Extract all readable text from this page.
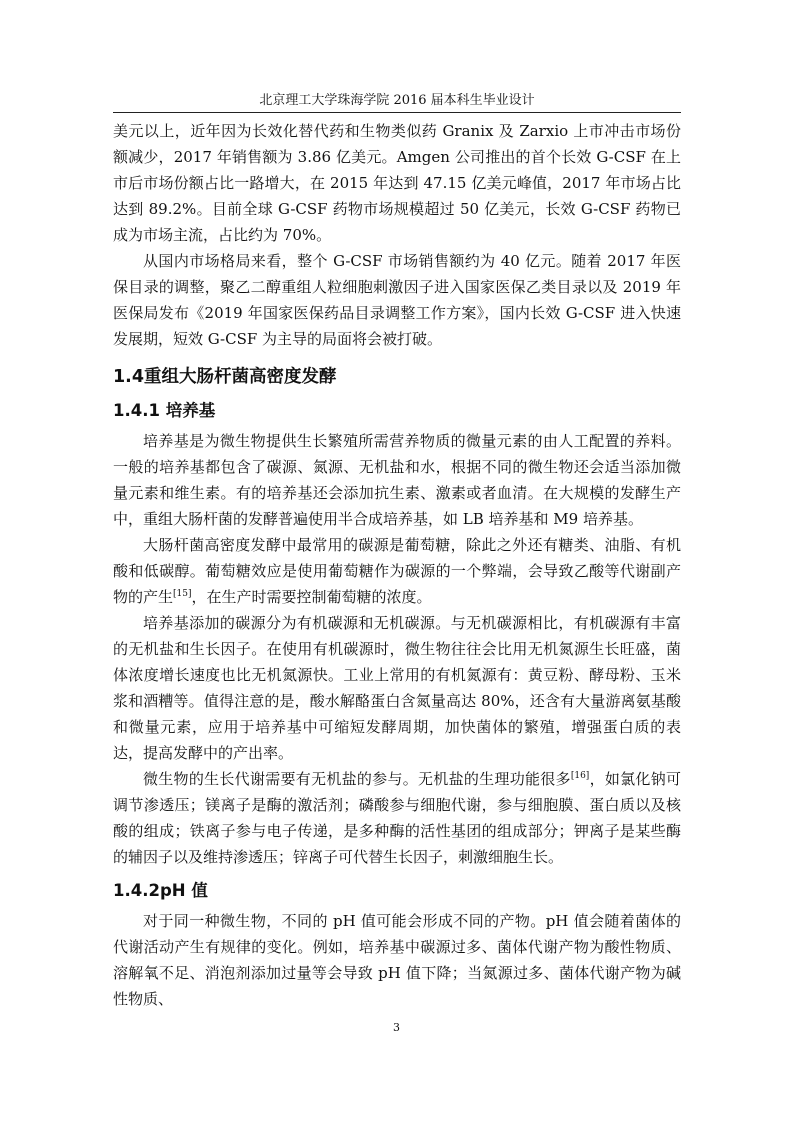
北京理工大学珠海学院 2016 届本科生毕业设计

美元以上，近年因为长效化替代药和生物类似药 Granix 及 Zarxio 上市冲击市场份额减少，2017 年销售额为 3.86 亿美元。Amgen 公司推出的首个长效 G-CSF 在上市后市场份额占比一路增大，在 2015 年达到 47.15 亿美元峰值，2017 年市场占比达到 89.2%。目前全球 G-CSF 药物市场规模超过 50 亿美元，长效 G-CSF 药物已成为市场主流，占比约为 70%。

从国内市场格局来看，整个 G-CSF 市场销售额约为 40 亿元。随着 2017 年医保目录的调整，聚乙二醇重组人粒细胞刺激因子进入国家医保乙类目录以及 2019 年医保局发布《2019 年国家医保药品目录调整工作方案》，国内长效 G-CSF 进入快速发展期，短效 G-CSF 为主导的局面将会被打破。

1.4重组大肠杆菌高密度发酵
1.4.1 培养基

培养基是为微生物提供生长繁殖所需营养物质的微量元素的由人工配置的养料。一般的培养基都包含了碳源、氮源、无机盐和水，根据不同的微生物还会适当添加微量元素和维生素。有的培养基还会添加抗生素、激素或者血清。在大规模的发酵生产中，重组大肠杆菌的发酵普遍使用半合成培养基，如 LB 培养基和 M9 培养基。

大肠杆菌高密度发酵中最常用的碳源是葡萄糖，除此之外还有糖类、油脂、有机酸和低碳醇。葡萄糖效应是使用葡萄糖作为碳源的一个弊端，会导致乙酸等代谢副产物的产生[15]，在生产时需要控制葡萄糖的浓度。

培养基添加的碳源分为有机碳源和无机碳源。与无机碳源相比，有机碳源有丰富的无机盐和生长因子。在使用有机碳源时，微生物往往会比用无机氮源生长旺盛，菌体浓度增长速度也比无机氮源快。工业上常用的有机氮源有：黄豆粉、酵母粉、玉米浆和酒糟等。值得注意的是，酸水解酪蛋白含氮量高达 80%，还含有大量游离氨基酸和微量元素，应用于培养基中可缩短发酵周期，加快菌体的繁殖，增强蛋白质的表达，提高发酵中的产出率。

微生物的生长代谢需要有无机盐的参与。无机盐的生理功能很多[16]，如氯化钠可调节渗透压；镁离子是酶的激活剂；磷酸参与细胞代谢，参与细胞膜、蛋白质以及核酸的组成；铁离子参与电子传递，是多种酶的活性基团的组成部分；钾离子是某些酶的辅因子以及维持渗透压；锌离子可代替生长因子，刺激细胞生长。

1.4.2pH 值

对于同一种微生物，不同的 pH 值可能会形成不同的产物。pH 值会随着菌体的代谢活动产生有规律的变化。例如，培养基中碳源过多、菌体代谢产物为酸性物质、溶解氧不足、消泡剂添加过量等会导致 pH 值下降；当氮源过多、菌体代谢产物为碱性物质、

3
